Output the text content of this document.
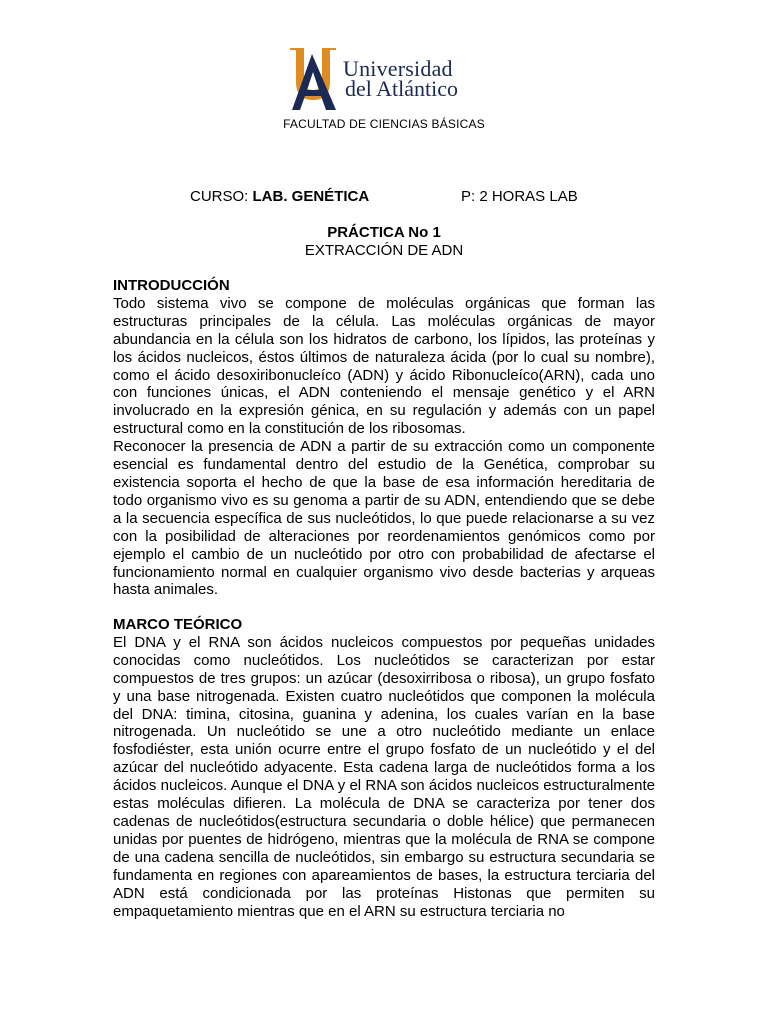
Universidad
del Atlántico
FACULTAD DE CIENCIAS BÁSICAS
CURSO: LAB. GENÉTICA	P: 2 HORAS LAB
PRÁCTICA No 1
EXTRACCIÓN DE ADN
INTRODUCCIÓN

Todo sistema vivo se compone de moléculas orgánicas que forman las estructuras principales de la célula. Las moléculas orgánicas de mayor abundancia en la célula son los hidratos de carbono, los lípidos, las proteínas y los ácidos nucleicos, éstos últimos de naturaleza ácida (por lo cual su nombre), como el ácido desoxiribonucleíco (ADN) y ácido Ribonucleíco(ARN), cada uno con funciones únicas, el ADN conteniendo el mensaje genético y el ARN involucrado en la expresión génica, en su regulación y además con un papel estructural como en la constitución de los ribosomas.

Reconocer la presencia de ADN a partir de su extracción como un componente esencial es fundamental dentro del estudio de la Genética, comprobar su existencia soporta el hecho de que la base de esa información hereditaria de todo organismo vivo es su genoma a partir de su ADN, entendiendo que se debe a la secuencia específica de sus nucleótidos, lo que puede relacionarse a su vez con la posibilidad de alteraciones por reordenamientos genómicos como por ejemplo el cambio de un nucleótido por otro con probabilidad de afectarse el funcionamiento normal en cualquier organismo vivo desde bacterias y arqueas hasta animales.

MARCO TEÓRICO

El DNA y el RNA son ácidos nucleicos compuestos por pequeñas unidades conocidas como nucleótidos. Los nucleótidos se caracterizan por estar compuestos de tres grupos: un azúcar (desoxirribosa o ribosa), un grupo fosfato y una base nitrogenada. Existen cuatro nucleótidos que componen la molécula del DNA: timina, citosina, guanina y adenina, los cuales varían en la base nitrogenada. Un nucleótido se une a otro nucleótido mediante un enlace fosfodiéster, esta unión ocurre entre el grupo fosfato de un nucleótido y el del azúcar del nucleótido adyacente. Esta cadena larga de nucleótidos forma a los ácidos nucleicos. Aunque el DNA y el RNA son ácidos nucleicos estructuralmente estas moléculas difieren. La molécula de DNA se caracteriza por tener dos cadenas de nucleótidos(estructura secundaria o doble hélice) que permanecen unidas por puentes de hidrógeno, mientras que la molécula de RNA se compone de una cadena sencilla de nucleótidos, sin embargo su estructura secundaria se fundamenta en regiones con apareamientos de bases, la estructura terciaria del ADN está condicionada por las proteínas Histonas que permiten su empaquetamiento mientras que en el ARN su estructura terciaria no
